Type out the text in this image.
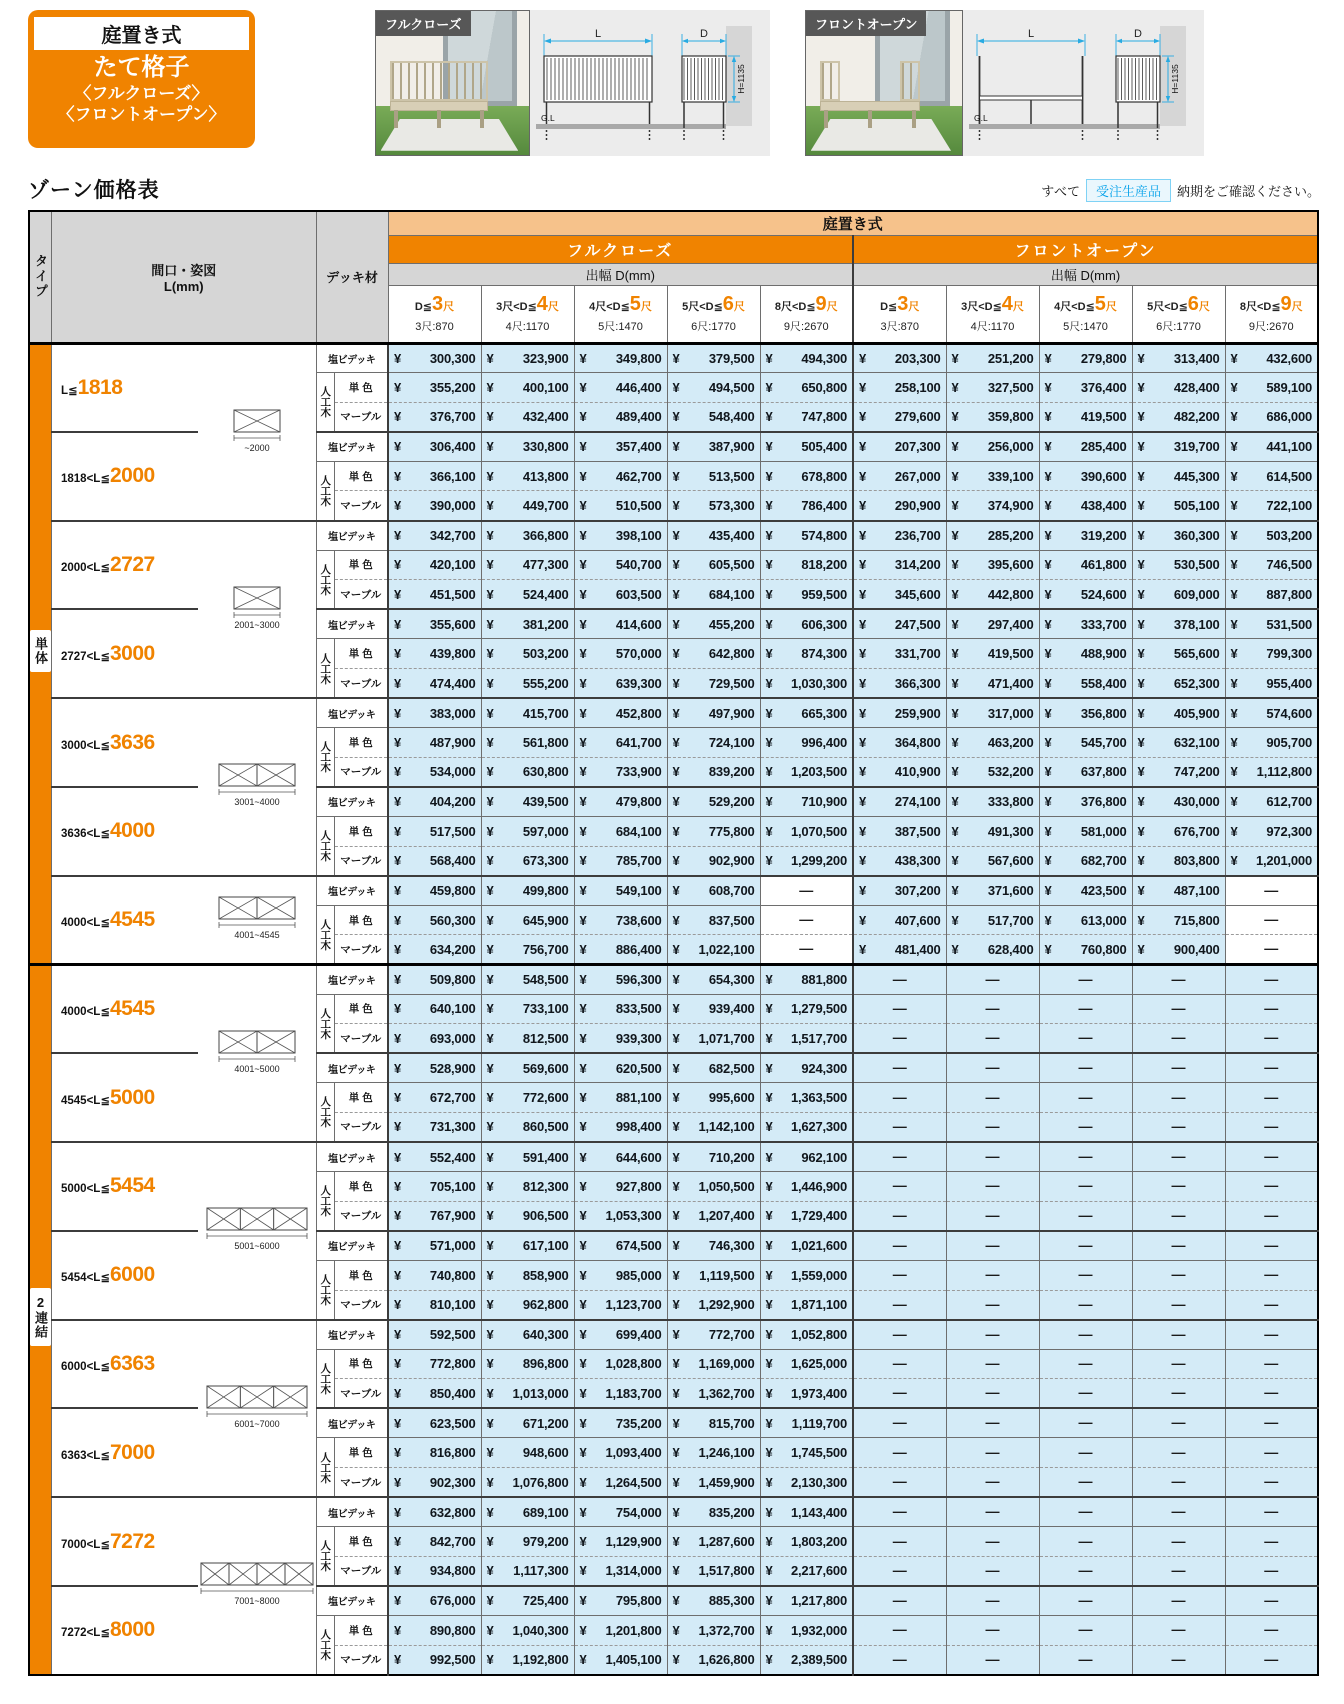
庭置き式
たて格子
〈フルクローズ〉
〈フロントオープン〉
フルクローズ
L
G.L
D
H=1135
フロントオープン
L
G.L
D
H=1135
ゾーン価格表	すべて	受注生産品	納期をご確認ください。
タイプ	間口・姿図
L(mm)		デッキ材		庭置き式									
					フルクローズ					フロントオープン				
					出幅 D(mm)					出幅 D(mm)				

D≦3尺
3尺:870

3尺<D≦4尺
4尺:1170

4尺<D≦5尺
5尺:1470

5尺<D≦6尺
6尺:1770

8尺<D≦9尺
9尺:2670

D≦3尺
3尺:870

3尺<D≦4尺
4尺:1170

4尺<D≦5尺
5尺:1470

5尺<D≦6尺
6尺:1770

8尺<D≦9尺
9尺:2670

単体	L≦1818	~2000	塩ビデッキ		¥ 300,300	¥ 323,900	¥ 349,800	¥ 379,500	¥ 494,300	¥ 203,300	¥ 251,200	¥ 279,800	¥ 313,400	¥ 432,600

			人工木	単 色	¥ 355,200	¥ 400,100	¥ 446,400	¥ 494,500	¥ 650,800	¥ 258,100	¥ 327,500	¥ 376,400	¥ 428,400	¥ 589,100

				マーブル	¥ 376,700	¥ 432,400	¥ 489,400	¥ 548,400	¥ 747,800	¥ 279,600	¥ 359,800	¥ 419,500	¥ 482,200	¥ 686,000

	1818<L≦2000		塩ビデッキ		¥ 306,400	¥ 330,800	¥ 357,400	¥ 387,900	¥ 505,400	¥ 207,300	¥ 256,000	¥ 285,400	¥ 319,700	¥ 441,100

			人工木	単 色	¥ 366,100	¥ 413,800	¥ 462,700	¥ 513,500	¥ 678,800	¥ 267,000	¥ 339,100	¥ 390,600	¥ 445,300	¥ 614,500

				マーブル	¥ 390,000	¥ 449,700	¥ 510,500	¥ 573,300	¥ 786,400	¥ 290,900	¥ 374,900	¥ 438,400	¥ 505,100	¥ 722,100

	2000<L≦2727	2001~3000	塩ビデッキ		¥ 342,700	¥ 366,800	¥ 398,100	¥ 435,400	¥ 574,800	¥ 236,700	¥ 285,200	¥ 319,200	¥ 360,300	¥ 503,200

			人工木	単 色	¥ 420,100	¥ 477,300	¥ 540,700	¥ 605,500	¥ 818,200	¥ 314,200	¥ 395,600	¥ 461,800	¥ 530,500	¥ 746,500

				マーブル	¥ 451,500	¥ 524,400	¥ 603,500	¥ 684,100	¥ 959,500	¥ 345,600	¥ 442,800	¥ 524,600	¥ 609,000	¥ 887,800

	2727<L≦3000		塩ビデッキ		¥ 355,600	¥ 381,200	¥ 414,600	¥ 455,200	¥ 606,300	¥ 247,500	¥ 297,400	¥ 333,700	¥ 378,100	¥ 531,500

			人工木	単 色	¥ 439,800	¥ 503,200	¥ 570,000	¥ 642,800	¥ 874,300	¥ 331,700	¥ 419,500	¥ 488,900	¥ 565,600	¥ 799,300

				マーブル	¥ 474,400	¥ 555,200	¥ 639,300	¥ 729,500	¥ 1,030,300	¥ 366,300	¥ 471,400	¥ 558,400	¥ 652,300	¥ 955,400

	3000<L≦3636	3001~4000	塩ビデッキ		¥ 383,000	¥ 415,700	¥ 452,800	¥ 497,900	¥ 665,300	¥ 259,900	¥ 317,000	¥ 356,800	¥ 405,900	¥ 574,600

			人工木	単 色	¥ 487,900	¥ 561,800	¥ 641,700	¥ 724,100	¥ 996,400	¥ 364,800	¥ 463,200	¥ 545,700	¥ 632,100	¥ 905,700

				マーブル	¥ 534,000	¥ 630,800	¥ 733,900	¥ 839,200	¥ 1,203,500	¥ 410,900	¥ 532,200	¥ 637,800	¥ 747,200	¥ 1,112,800

	3636<L≦4000		塩ビデッキ		¥ 404,200	¥ 439,500	¥ 479,800	¥ 529,200	¥ 710,900	¥ 274,100	¥ 333,800	¥ 376,800	¥ 430,000	¥ 612,700

			人工木	単 色	¥ 517,500	¥ 597,000	¥ 684,100	¥ 775,800	¥ 1,070,500	¥ 387,500	¥ 491,300	¥ 581,000	¥ 676,700	¥ 972,300

				マーブル	¥ 568,400	¥ 673,300	¥ 785,700	¥ 902,900	¥ 1,299,200	¥ 438,300	¥ 567,600	¥ 682,700	¥ 803,800	¥ 1,201,000

	4000<L≦4545	4001~4545	塩ビデッキ		¥ 459,800	¥ 499,800	¥ 549,100	¥ 608,700	—	¥ 307,200	¥ 371,600	¥ 423,500	¥ 487,100	—

			人工木	単 色	¥ 560,300	¥ 645,900	¥ 738,600	¥ 837,500	—	¥ 407,600	¥ 517,700	¥ 613,000	¥ 715,800	—
				マーブル	¥ 634,200	¥ 756,700	¥ 886,400	¥ 1,022,100	—	¥ 481,400	¥ 628,400	¥ 760,800	¥ 900,400	—
2連結	4000<L≦4545	4001~5000	塩ビデッキ		¥ 509,800	¥ 548,500	¥ 596,300	¥ 654,300	¥ 881,800	—	—	—	—	—

			人工木	単 色	¥ 640,100	¥ 733,100	¥ 833,500	¥ 939,400	¥ 1,279,500	—	—	—	—	—
				マーブル	¥ 693,000	¥ 812,500	¥ 939,300	¥ 1,071,700	¥ 1,517,700	—	—	—	—	—
	4545<L≦5000		塩ビデッキ		¥ 528,900	¥ 569,600	¥ 620,500	¥ 682,500	¥ 924,300	—	—	—	—	—

			人工木	単 色	¥ 672,700	¥ 772,600	¥ 881,100	¥ 995,600	¥ 1,363,500	—	—	—	—	—
				マーブル	¥ 731,300	¥ 860,500	¥ 998,400	¥ 1,142,100	¥ 1,627,300	—	—	—	—	—
	5000<L≦5454	5001~6000	塩ビデッキ		¥ 552,400	¥ 591,400	¥ 644,600	¥ 710,200	¥ 962,100	—	—	—	—	—

			人工木	単 色	¥ 705,100	¥ 812,300	¥ 927,800	¥ 1,050,500	¥ 1,446,900	—	—	—	—	—
				マーブル	¥ 767,900	¥ 906,500	¥ 1,053,300	¥ 1,207,400	¥ 1,729,400	—	—	—	—	—
	5454<L≦6000		塩ビデッキ		¥ 571,000	¥ 617,100	¥ 674,500	¥ 746,300	¥ 1,021,600	—	—	—	—	—

			人工木	単 色	¥ 740,800	¥ 858,900	¥ 985,000	¥ 1,119,500	¥ 1,559,000	—	—	—	—	—
				マーブル	¥ 810,100	¥ 962,800	¥ 1,123,700	¥ 1,292,900	¥ 1,871,100	—	—	—	—	—
	6000<L≦6363	6001~7000	塩ビデッキ		¥ 592,500	¥ 640,300	¥ 699,400	¥ 772,700	¥ 1,052,800	—	—	—	—	—

			人工木	単 色	¥ 772,800	¥ 896,800	¥ 1,028,800	¥ 1,169,000	¥ 1,625,000	—	—	—	—	—
				マーブル	¥ 850,400	¥ 1,013,000	¥ 1,183,700	¥ 1,362,700	¥ 1,973,400	—	—	—	—	—
	6363<L≦7000		塩ビデッキ		¥ 623,500	¥ 671,200	¥ 735,200	¥ 815,700	¥ 1,119,700	—	—	—	—	—

			人工木	単 色	¥ 816,800	¥ 948,600	¥ 1,093,400	¥ 1,246,100	¥ 1,745,500	—	—	—	—	—
				マーブル	¥ 902,300	¥ 1,076,800	¥ 1,264,500	¥ 1,459,900	¥ 2,130,300	—	—	—	—	—
	7000<L≦7272	7001~8000	塩ビデッキ		¥ 632,800	¥ 689,100	¥ 754,000	¥ 835,200	¥ 1,143,400	—	—	—	—	—

			人工木	単 色	¥ 842,700	¥ 979,200	¥ 1,129,900	¥ 1,287,600	¥ 1,803,200	—	—	—	—	—
				マーブル	¥ 934,800	¥ 1,117,300	¥ 1,314,000	¥ 1,517,800	¥ 2,217,600	—	—	—	—	—
	7272<L≦8000		塩ビデッキ		¥ 676,000	¥ 725,400	¥ 795,800	¥ 885,300	¥ 1,217,800	—	—	—	—	—

			人工木	単 色	¥ 890,800	¥ 1,040,300	¥ 1,201,800	¥ 1,372,700	¥ 1,932,000	—	—	—	—	—
				マーブル	¥ 992,500	¥ 1,192,800	¥ 1,405,100	¥ 1,626,800	¥ 2,389,500	—	—	—	—	—
